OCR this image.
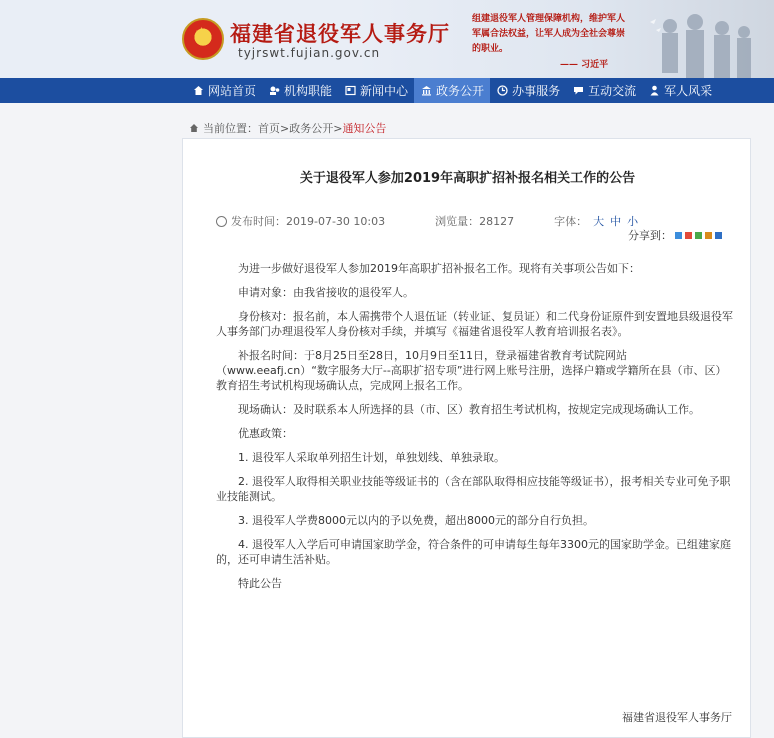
★ 福建省退役军人事务厅
tyjrswt.fujian.gov.cn
组建退役军人管理保障机构，维护军人军属合法权益，让军人成为全社会尊崇的职业。
—— 习近平
网站首页 机构职能 新闻中心 政务公开 办事服务 互动交流 军人风采
当前位置： 首页 > 政务公开 > 通知公告
关于退役军人参加2019年高职扩招补报名相关工作的公告
发布时间：2019-07-30 10:03	浏览量：28127	字体： 大 中 小
分享到：

为进一步做好退役军人参加2019年高职扩招补报名工作。现将有关事项公告如下：

申请对象：由我省接收的退役军人。

身份核对：报名前，本人需携带个人退伍证（转业证、复员证）和二代身份证原件到安置地县级退役军人事务部门办理退役军人身份核对手续，并填写《福建省退役军人教育培训报名表》。

补报名时间：于8月25日至28日，10月9日至11日，登录福建省教育考试院网站（www.eeafj.cn）“数字服务大厅--高职扩招专项”进行网上账号注册，选择户籍或学籍所在县（市、区）教育招生考试机构现场确认点，完成网上报名工作。

现场确认：及时联系本人所选择的县（市、区）教育招生考试机构，按规定完成现场确认工作。

优惠政策：

1. 退役军人采取单列招生计划，单独划线、单独录取。

2. 退役军人取得相关职业技能等级证书的（含在部队取得相应技能等级证书），报考相关专业可免予职业技能测试。

3. 退役军人学费8000元以内的予以免费，超出8000元的部分自行负担。

4. 退役军人入学后可申请国家助学金，符合条件的可申请每生每年3300元的国家助学金。已组建家庭的，还可申请生活补贴。

特此公告

福建省退役军人事务厅
